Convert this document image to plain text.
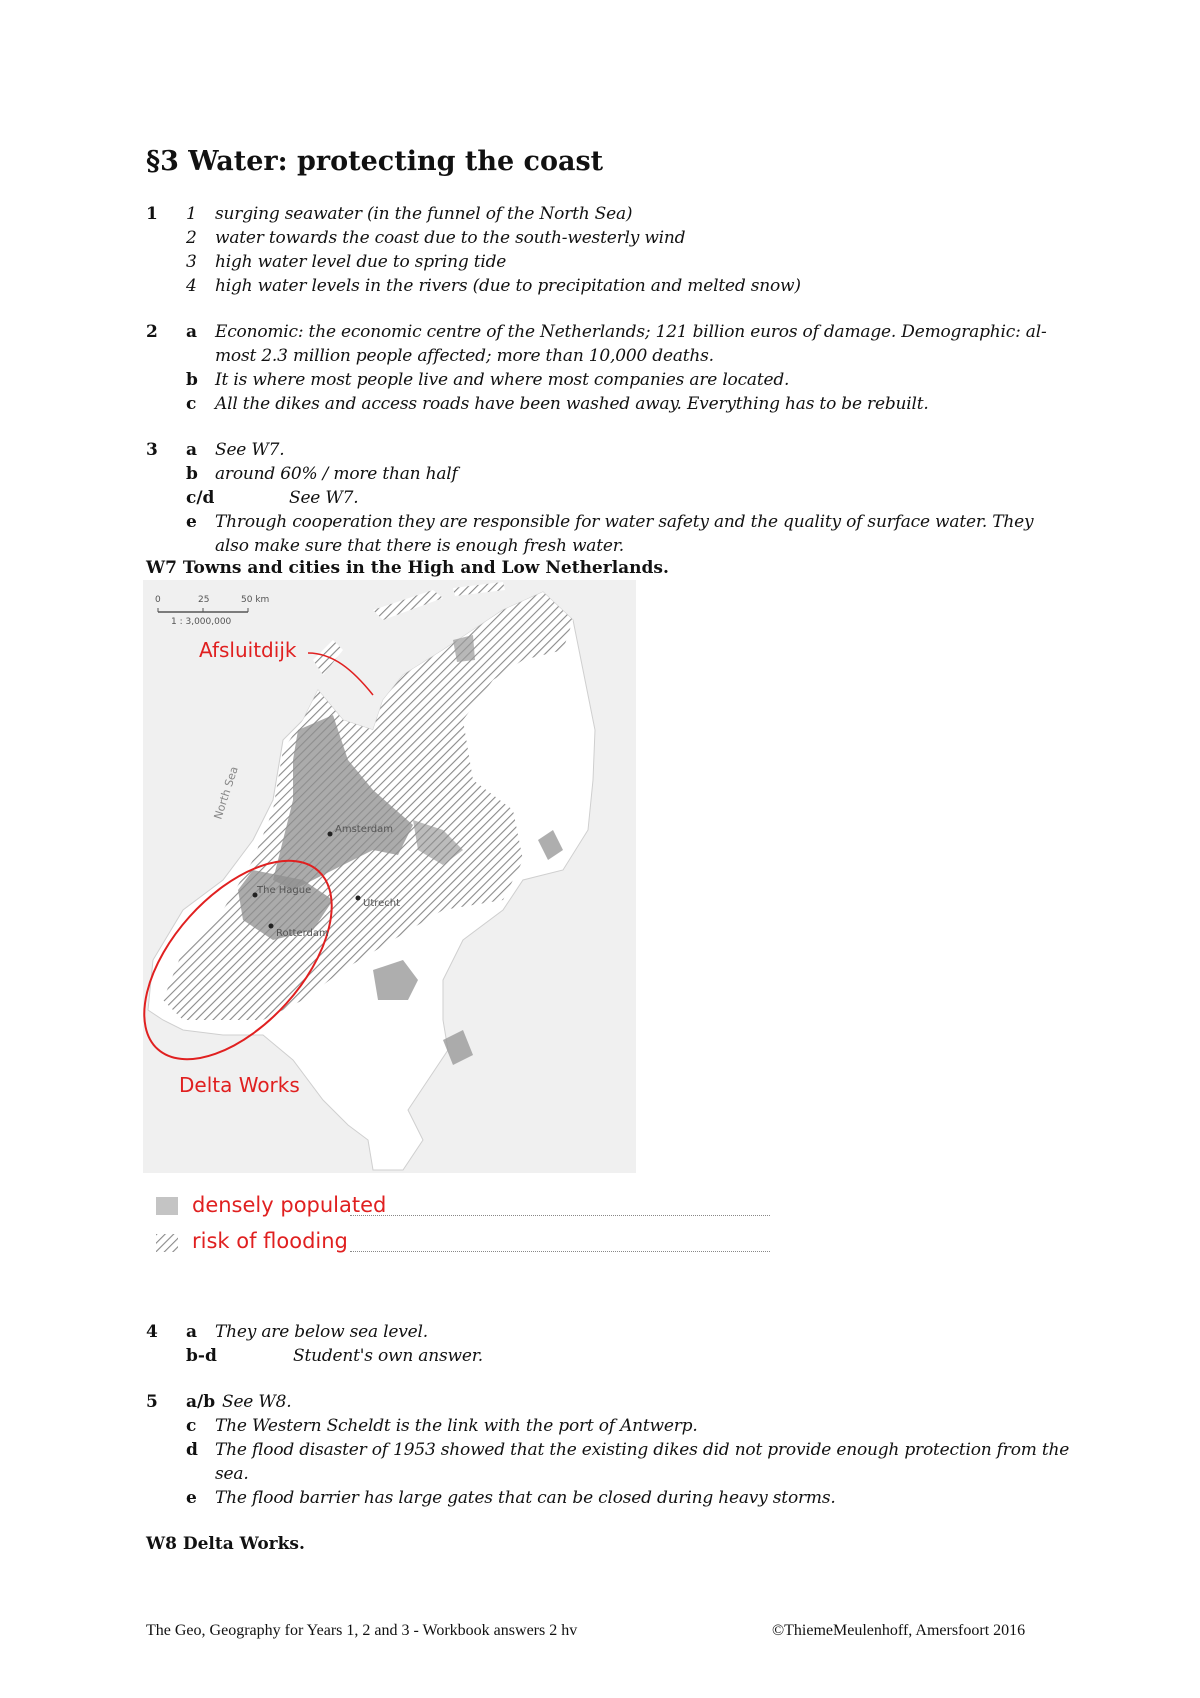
§3 Water: protecting the coast
1 1 surging seawater (in the funnel of the North Sea)
2 water towards the coast due to the south-westerly wind
3 high water level due to spring tide
4 high water levels in the rivers (due to precipitation and melted snow)
2 a Economic: the economic centre of the Netherlands; 121 billion euros of damage. Demographic: al-
most 2.3 million people affected; more than 10,000 deaths.
b It is where most people live and where most companies are located.
c All the dikes and access roads have been washed away. Everything has to be rebuilt.
3 a See W7.
b around 60% / more than half
c/d	See W7.
e Through cooperation they are responsible for water safety and the quality of surface water. They
also make sure that there is enough fresh water.

W7 Towns and cities in the High and Low Netherlands.

0	25	50 km
1 : 3,000,000
North Sea
Amsterdam
The Hague
Utrecht
Rotterdam
Afsluitdijk
Delta Works
densely populated
risk of flooding
4 a They are below sea level.
b-d	Student's own answer.
5 a/b See W8.
c The Western Scheldt is the link with the port of Antwerp.
d The flood disaster of 1953 showed that the existing dikes did not provide enough protection from the
sea.
e The flood barrier has large gates that can be closed during heavy storms.

W8 Delta Works.

The Geo, Geography for Years 1, 2 and 3 - Workbook answers 2 hv	©ThiemeMeulenhoff, Amersfoort 2016
